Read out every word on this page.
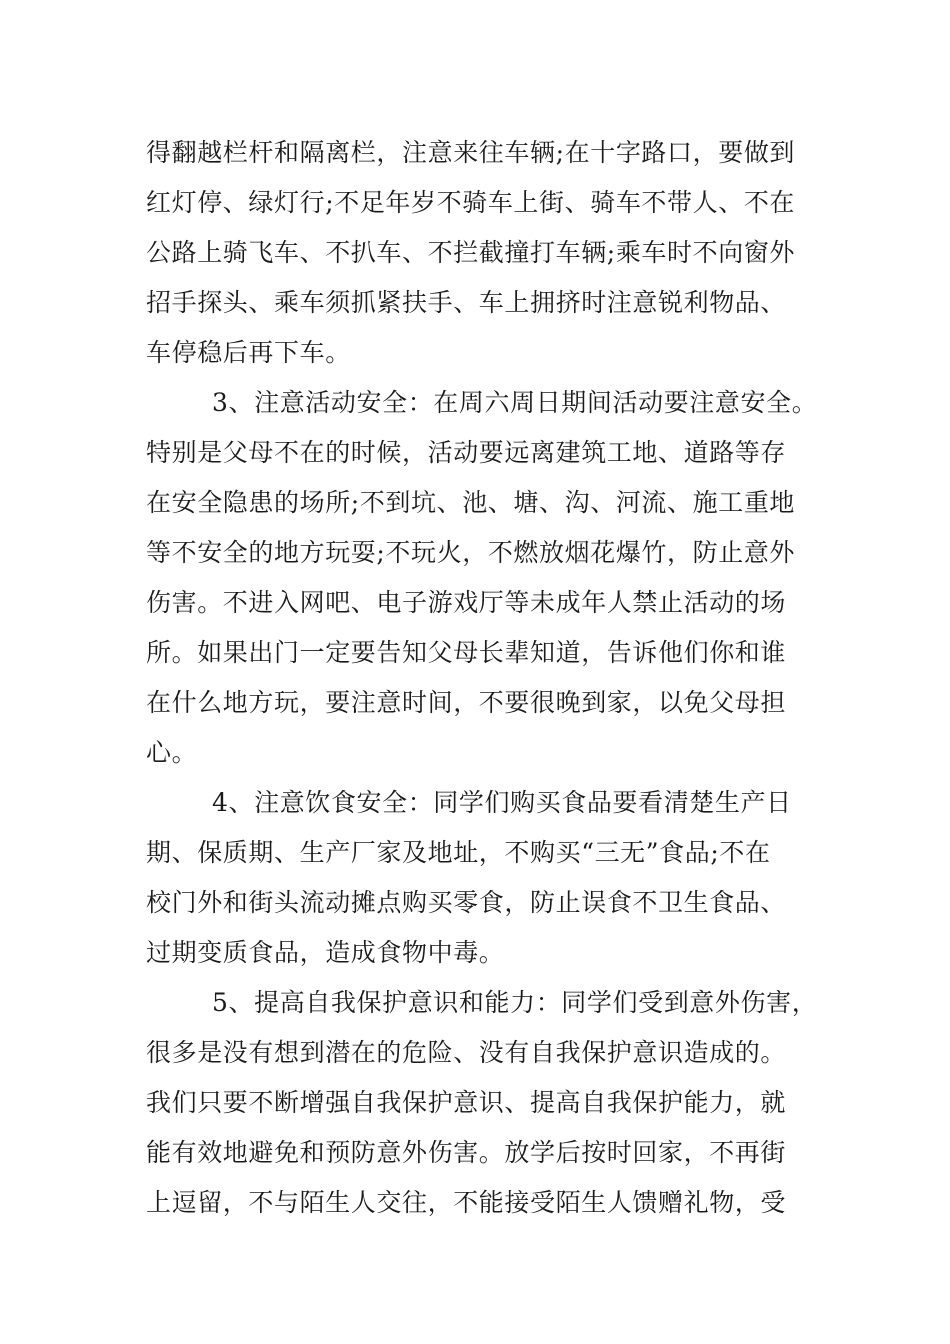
得翻越栏杆和隔离栏，注意来往车辆;在十字路口，要做到
红灯停、绿灯行;不足年岁不骑车上街、骑车不带人、不在
公路上骑飞车、不扒车、不拦截撞打车辆;乘车时不向窗外
招手探头、乘车须抓紧扶手、车上拥挤时注意锐利物品、
车停稳后再下车。
3、注意活动安全：在周六周日期间活动要注意安全。
特别是父母不在的时候，活动要远离建筑工地、道路等存
在安全隐患的场所;不到坑、池、塘、沟、河流、施工重地
等不安全的地方玩耍;不玩火，不燃放烟花爆竹，防止意外
伤害。不进入网吧、电子游戏厅等未成年人禁止活动的场
所。如果出门一定要告知父母长辈知道，告诉他们你和谁
在什么地方玩，要注意时间，不要很晚到家，以免父母担
心。
4、注意饮食安全：同学们购买食品要看清楚生产日
期、保质期、生产厂家及地址，不购买“三无”食品;不在
校门外和街头流动摊点购买零食，防止误食不卫生食品、
过期变质食品，造成食物中毒。
5、提高自我保护意识和能力：同学们受到意外伤害，
很多是没有想到潜在的危险、没有自我保护意识造成的。
我们只要不断增强自我保护意识、提高自我保护能力，就
能有效地避免和预防意外伤害。放学后按时回家，不再街
上逗留，不与陌生人交往，不能接受陌生人馈赠礼物，受
